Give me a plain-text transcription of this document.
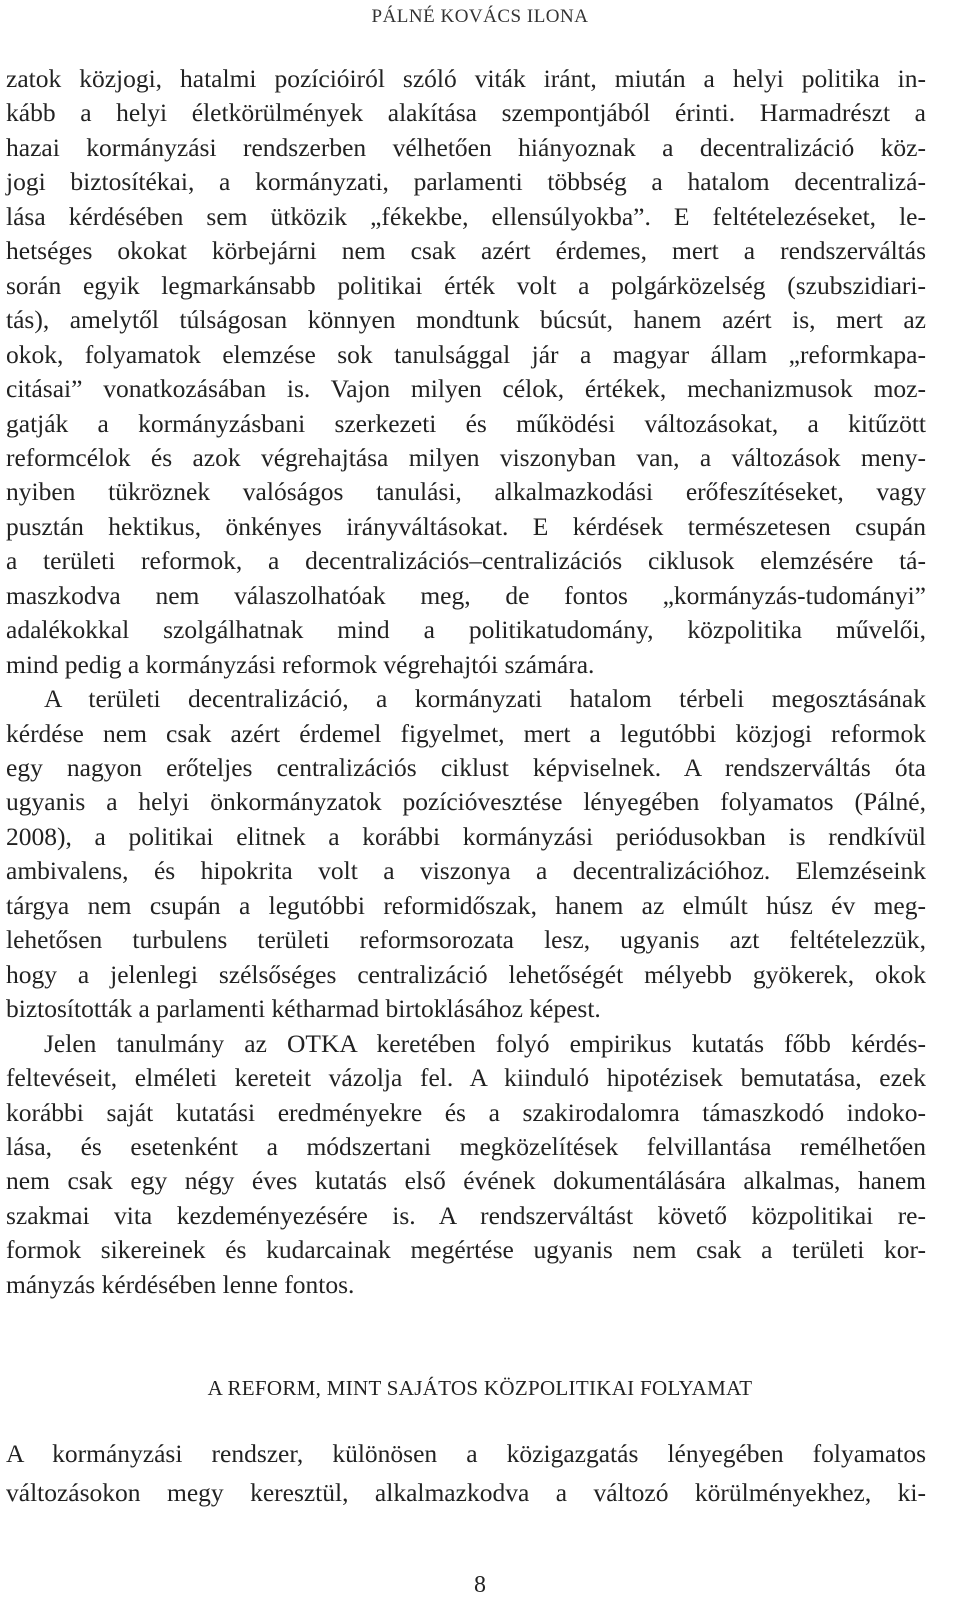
PÁLNÉ KOVÁCS ILONA
zatok közjogi, hatalmi pozícióiról szóló viták iránt, miután a helyi politika in-
kább a helyi életkörülmények alakítása szempontjából érinti. Harmadrészt a
hazai kormányzási rendszerben vélhetően hiányoznak a decentralizáció köz-
jogi biztosítékai, a kormányzati, parlamenti többség a hatalom decentralizá-
lása kérdésében sem ütközik „fékekbe, ellensúlyokba”. E feltételezéseket, le-
hetséges okokat körbejárni nem csak azért érdemes, mert a rendszerváltás
során egyik legmarkánsabb politikai érték volt a polgárközelség (szubszidiari-
tás), amelytől túlságosan könnyen mondtunk búcsút, hanem azért is, mert az
okok, folyamatok elemzése sok tanulsággal jár a magyar állam „reformkapa-
citásai” vonatkozásában is. Vajon milyen célok, értékek, mechanizmusok moz-
gatják a kormányzásbani szerkezeti és működési változásokat, a kitűzött
reformcélok és azok végrehajtása milyen viszonyban van, a változások meny-
nyiben tükröznek valóságos tanulási, alkalmazkodási erőfeszítéseket, vagy
pusztán hektikus, önkényes irányváltásokat. E kérdések természetesen csupán
a területi reformok, a decentralizációs–centralizációs ciklusok elemzésére tá-
maszkodva nem válaszolhatóak meg, de fontos „kormányzás-tudományi”
adalékokkal szolgálhatnak mind a politikatudomány, közpolitika művelői,
mind pedig a kormányzási reformok végrehajtói számára.
A területi decentralizáció, a kormányzati hatalom térbeli megosztásának
kérdése nem csak azért érdemel figyelmet, mert a legutóbbi közjogi reformok
egy nagyon erőteljes centralizációs ciklust képviselnek. A rendszerváltás óta
ugyanis a helyi önkormányzatok pozícióvesztése lényegében folyamatos (Pálné,
2008), a politikai elitnek a korábbi kormányzási periódusokban is rendkívül
ambivalens, és hipokrita volt a viszonya a decentralizációhoz. Elemzéseink
tárgya nem csupán a legutóbbi reformidőszak, hanem az elmúlt húsz év meg-
lehetősen turbulens területi reformsorozata lesz, ugyanis azt feltételezzük,
hogy a jelenlegi szélsőséges centralizáció lehetőségét mélyebb gyökerek, okok
biztosították a parlamenti kétharmad birtoklásához képest.
Jelen tanulmány az OTKA keretében folyó empirikus kutatás főbb kérdés-
feltevéseit, elméleti kereteit vázolja fel. A kiinduló hipotézisek bemutatása, ezek
korábbi saját kutatási eredményekre és a szakirodalomra támaszkodó indoko-
lása, és esetenként a módszertani megközelítések felvillantása remélhetően
nem csak egy négy éves kutatás első évének dokumentálására alkalmas, hanem
szakmai vita kezdeményezésére is. A rendszerváltást követő közpolitikai re-
formok sikereinek és kudarcainak megértése ugyanis nem csak a területi kor-
mányzás kérdésében lenne fontos.
A REFORM, MINT SAJÁTOS KÖZPOLITIKAI FOLYAMAT
A kormányzási rendszer, különösen a közigazgatás lényegében folyamatos
változásokon megy keresztül, alkalmazkodva a változó körülményekhez, ki-
8
